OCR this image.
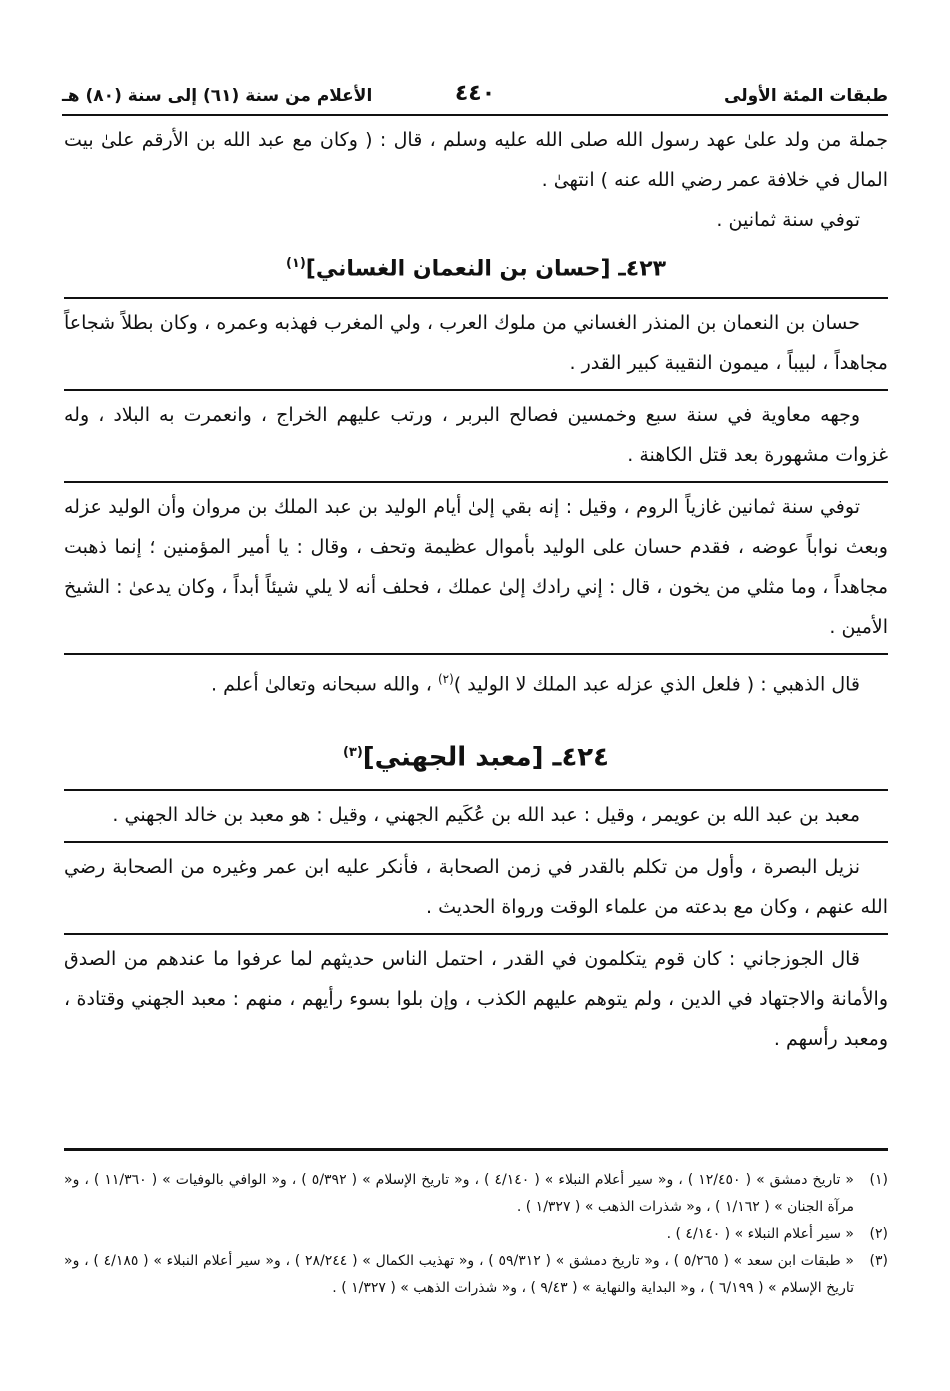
طبقات المئة الأولى
٤٤٠
الأعلام من سنة (٦١) إلى سنة (٨٠) هـ

جملة من ولد علىٰ عهد رسول الله صلى الله عليه وسلم ، قال : ( وكان مع عبد الله بن الأرقم علىٰ بيت المال في خلافة عمر رضي الله عنه ) انتهىٰ .

توفي سنة ثمانين .

٤٢٣ـ [حسان بن النعمان الغساني]$^{(١)}$

حسان بن النعمان بن المنذر الغساني من ملوك العرب ، ولي المغرب فهذبه وعمره ، وكان بطلاً شجاعاً مجاهداً ، لبيباً ، ميمون النقيبة كبير القدر .

وجهه معاوية في سنة سبع وخمسين فصالح البربر ، ورتب عليهم الخراج ، وانعمرت به البلاد ، وله غزوات مشهورة بعد قتل الكاهنة .

توفي سنة ثمانين غازياً الروم ، وقيل : إنه بقي إلىٰ أيام الوليد بن عبد الملك بن مروان وأن الوليد عزله وبعث نواباً عوضه ، فقدم حسان على الوليد بأموال عظيمة وتحف ، وقال : يا أمير المؤمنين ؛ إنما ذهبت مجاهداً ، وما مثلي من يخون ، قال : إني رادك إلىٰ عملك ، فحلف أنه لا يلي شيئاً أبداً ، وكان يدعىٰ : الشيخ الأمين .

قال الذهبي : ( فلعل الذي عزله عبد الملك لا الوليد )$^{(٢)}$ ، والله سبحانه وتعالىٰ أعلم .

٤٢٤ـ [معبد الجهني]$^{(٣)}$

معبد بن عبد الله بن عويمر ، وقيل : عبد الله بن عُكَيم الجهني ، وقيل : هو معبد بن خالد الجهني .

نزيل البصرة ، وأول من تكلم بالقدر في زمن الصحابة ، فأنكر عليه ابن عمر وغيره من الصحابة رضي الله عنهم ، وكان مع بدعته من علماء الوقت ورواة الحديث .

قال الجوزجاني : كان قوم يتكلمون في القدر ، احتمل الناس حديثهم لما عرفوا ما عندهم من الصدق والأمانة والاجتهاد في الدين ، ولم يتوهم عليهم الكذب ، وإن بلوا بسوء رأيهم ، منهم : معبد الجهني وقتادة ، ومعبد رأسهم .

(١)
« تاريخ دمشق » ( ١٢/٤٥٠ ) ، و« سير أعلام النبلاء » ( ٤/١٤٠ ) ، و« تاريخ الإسلام » ( ٥/٣٩٢ ) ، و« الوافي بالوفيات » ( ١١/٣٦٠ ) ، و« مرآة الجنان » ( ١/١٦٢ ) ، و« شذرات الذهب » ( ١/٣٢٧ ) .
(٢)
« سير أعلام النبلاء » ( ٤/١٤٠ ) .
(٣)
« طبقات ابن سعد » ( ٥/٢٦٥ ) ، و« تاريخ دمشق » ( ٥٩/٣١٢ ) ، و« تهذيب الكمال » ( ٢٨/٢٤٤ ) ، و« سير أعلام النبلاء » ( ٤/١٨٥ ) ، و« تاريخ الإسلام » ( ٦/١٩٩ ) ، و« البداية والنهاية » ( ٩/٤٣ ) ، و« شذرات الذهب » ( ١/٣٢٧ ) .
